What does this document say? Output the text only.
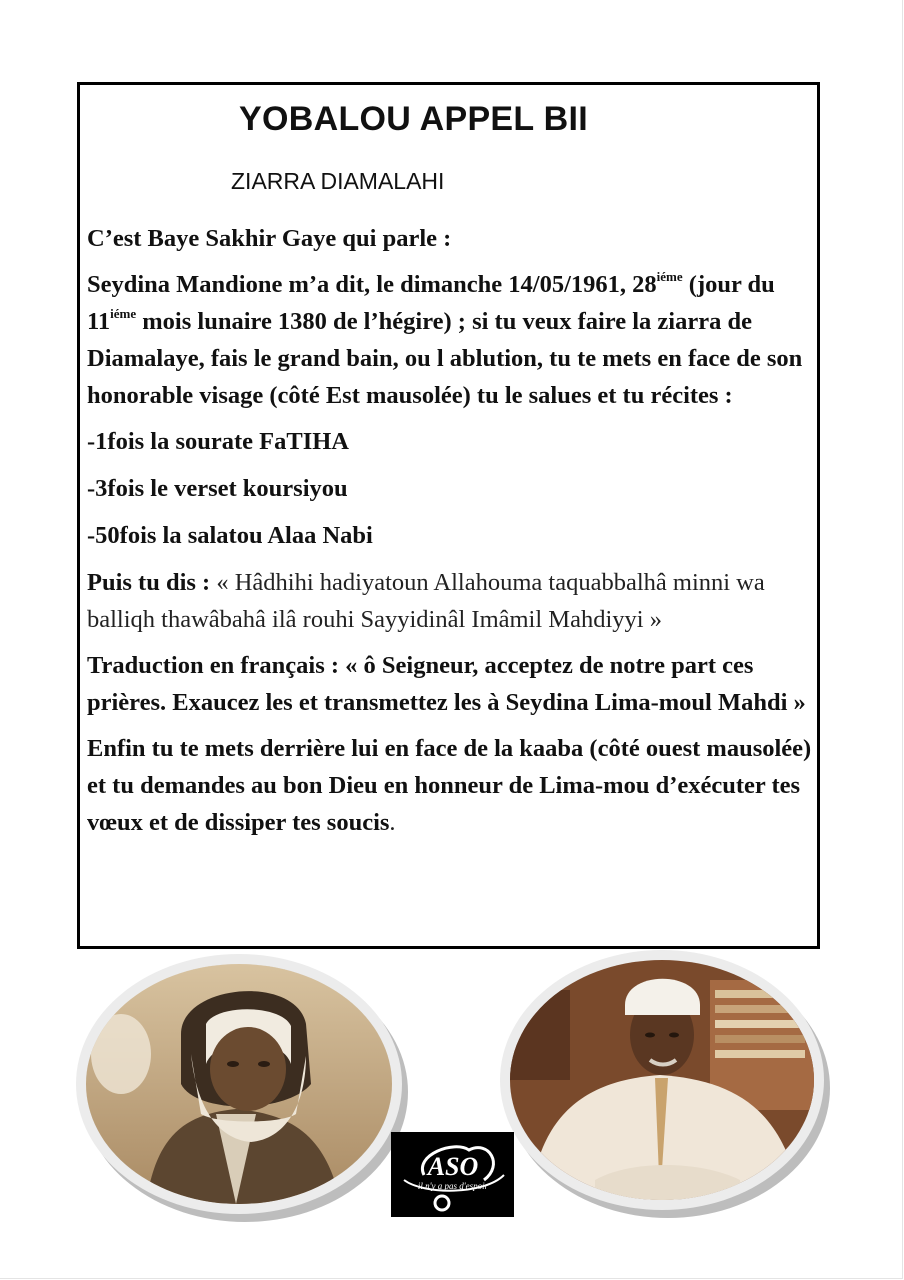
YOBALOU APPEL BII
ZIARRA DIAMALAHI

C’est Baye Sakhir Gaye qui parle :

Seydina Mandione m’a dit, le dimanche 14/05/1961, $28^{iéme}$ (jour du $11^{iéme}$ mois lunaire 1380 de l’hégire) ; si tu veux faire la ziarra de Diamalaye, fais le grand bain, ou l ablution, tu te mets en face de son honorable visage (côté Est mausolée) tu le salues et tu récites :

-1fois la sourate FaTIHA

-3fois le verset koursiyou

-50fois la salatou Alaa Nabi

Puis tu dis : « Hâdhihi hadiyatoun Allahouma taquabbalhâ minni wa balliqh thawâbahâ ilâ rouhi Sayyidinâl Imâmil Mahdiyyi »

Traduction en français : « ô Seigneur, acceptez de notre part ces prières. Exaucez les et transmettez les à Seydina Lima-moul Mahdi »

Enfin tu te mets derrière lui en face de la kaaba (côté ouest mausolée) et tu demandes au bon Dieu en honneur de Lima-mou d’exécuter tes vœux et de dissiper tes soucis.

ASO
il n'y a pas d'espoir
